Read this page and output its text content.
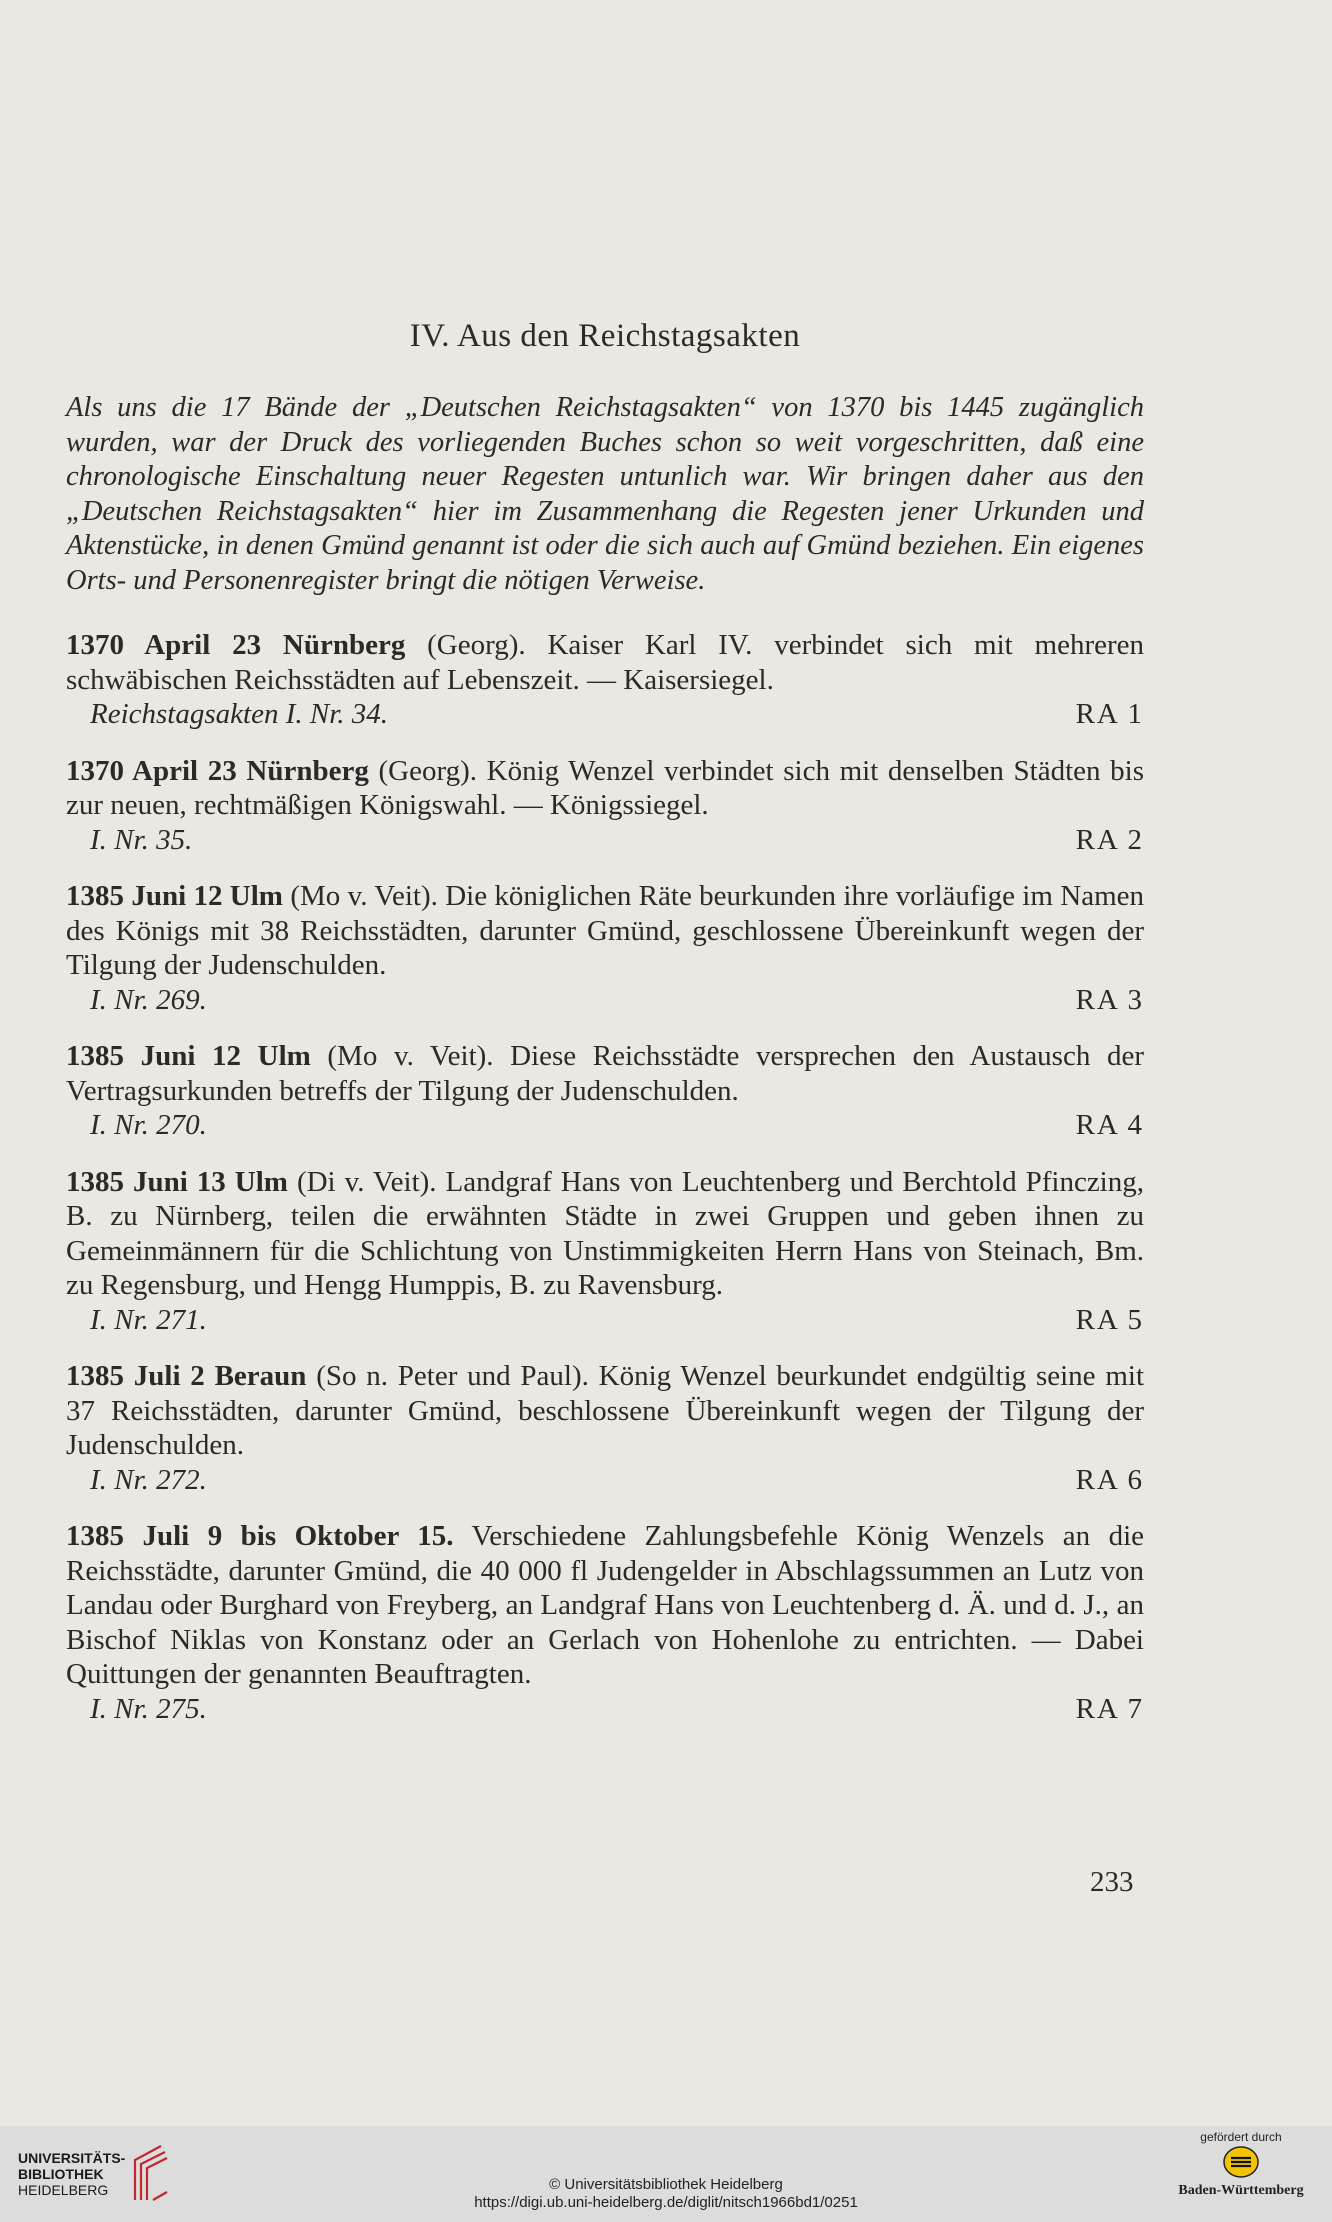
IV. Aus den Reichstagsakten
Als uns die 17 Bände der „Deutschen Reichstagsakten“ von 1370 bis 1445 zugänglich wurden, war der Druck des vorliegenden Buches schon so weit vorgeschritten, daß eine chronologische Einschaltung neuer Regesten untunlich war. Wir bringen daher aus den „Deutschen Reichstagsakten“ hier im Zusammenhang die Regesten jener Urkunden und Aktenstücke, in denen Gmünd genannt ist oder die sich auch auf Gmünd beziehen. Ein eigenes Orts- und Personenregister bringt die nötigen Verweise.
1370 April 23 Nürnberg (Georg). Kaiser Karl IV. verbindet sich mit mehreren schwäbischen Reichsstädten auf Lebenszeit. — Kaisersiegel.
Reichstagsakten I. Nr. 34.	RA 1
1370 April 23 Nürnberg (Georg). König Wenzel verbindet sich mit denselben Städten bis zur neuen, rechtmäßigen Königswahl. — Königssiegel.
I. Nr. 35.	RA 2
1385 Juni 12 Ulm (Mo v. Veit). Die königlichen Räte beurkunden ihre vorläufige im Namen des Königs mit 38 Reichsstädten, darunter Gmünd, geschlossene Übereinkunft wegen der Tilgung der Judenschulden.
I. Nr. 269.	RA 3
1385 Juni 12 Ulm (Mo v. Veit). Diese Reichsstädte versprechen den Austausch der Vertragsurkunden betreffs der Tilgung der Judenschulden.
I. Nr. 270.	RA 4
1385 Juni 13 Ulm (Di v. Veit). Landgraf Hans von Leuchtenberg und Berchtold Pfinczing, B. zu Nürnberg, teilen die erwähnten Städte in zwei Gruppen und geben ihnen zu Gemeinmännern für die Schlichtung von Unstimmigkeiten Herrn Hans von Steinach, Bm. zu Regensburg, und Hengg Humppis, B. zu Ravensburg.
I. Nr. 271.	RA 5
1385 Juli 2 Beraun (So n. Peter und Paul). König Wenzel beurkundet endgültig seine mit 37 Reichsstädten, darunter Gmünd, beschlossene Übereinkunft wegen der Tilgung der Judenschulden.
I. Nr. 272.	RA 6
1385 Juli 9 bis Oktober 15. Verschiedene Zahlungsbefehle König Wenzels an die Reichsstädte, darunter Gmünd, die 40 000 fl Judengelder in Abschlagssummen an Lutz von Landau oder Burghard von Freyberg, an Landgraf Hans von Leuchtenberg d. Ä. und d. J., an Bischof Niklas von Konstanz oder an Gerlach von Hohenlohe zu entrichten. — Dabei Quittungen der genannten Beauftragten.
I. Nr. 275.	RA 7
233
UNIVERSITÄTS-
BIBLIOTHEK
HEIDELBERG	© Universitätsbibliothek Heidelberg
https://digi.ub.uni-heidelberg.de/diglit/nitsch1966bd1/0251
gefördert durch
Baden-Württemberg
